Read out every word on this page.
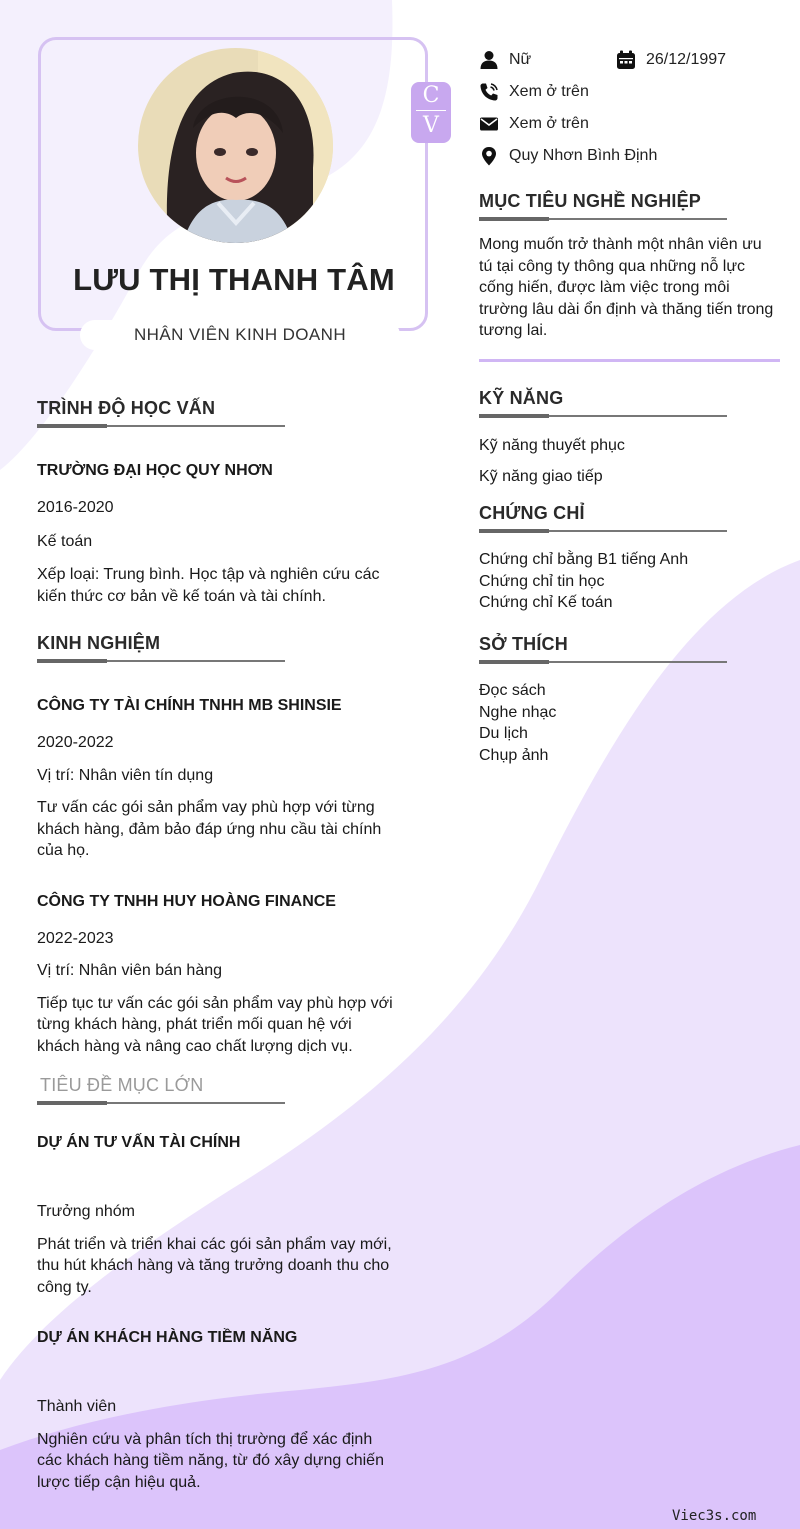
LƯU THỊ THANH TÂM
NHÂN VIÊN KINH DOANH
C
V
Nữ	26/12/1997
Xem ở trên
Xem ở trên
Quy Nhơn Bình Định
MỤC TIÊU NGHỀ NGHIỆP
Mong muốn trở thành một nhân viên ưu tú tại công ty thông qua những nỗ lực cống hiến, được làm việc trong môi trường lâu dài ổn định và thăng tiến trong tương lai.
KỸ NĂNG
Kỹ năng thuyết phục
Kỹ năng giao tiếp
CHỨNG CHỈ
Chứng chỉ bằng B1 tiếng Anh
Chứng chỉ tin học
Chứng chỉ Kế toán
SỞ THÍCH
Đọc sách
Nghe nhạc
Du lịch
Chụp ảnh
TRÌNH ĐỘ HỌC VẤN
TRƯỜNG ĐẠI HỌC QUY NHƠN
2016-2020
Kế toán
Xếp loại: Trung bình. Học tập và nghiên cứu các kiến thức cơ bản về kế toán và tài chính.
KINH NGHIỆM
CÔNG TY TÀI CHÍNH TNHH MB SHINSIE
2020-2022
Vị trí: Nhân viên tín dụng
Tư vấn các gói sản phẩm vay phù hợp với từng khách hàng, đảm bảo đáp ứng nhu cầu tài chính của họ.
CÔNG TY TNHH HUY HOÀNG FINANCE
2022-2023
Vị trí: Nhân viên bán hàng
Tiếp tục tư vấn các gói sản phẩm vay phù hợp với từng khách hàng, phát triển mối quan hệ với khách hàng và nâng cao chất lượng dịch vụ.
TIÊU ĐỀ MỤC LỚN
DỰ ÁN TƯ VẤN TÀI CHÍNH
Trưởng nhóm
Phát triển và triển khai các gói sản phẩm vay mới, thu hút khách hàng và tăng trưởng doanh thu cho công ty.
DỰ ÁN KHÁCH HÀNG TIỀM NĂNG
Thành viên
Nghiên cứu và phân tích thị trường để xác định các khách hàng tiềm năng, từ đó xây dựng chiến lược tiếp cận hiệu quả.
Viec3s.com
